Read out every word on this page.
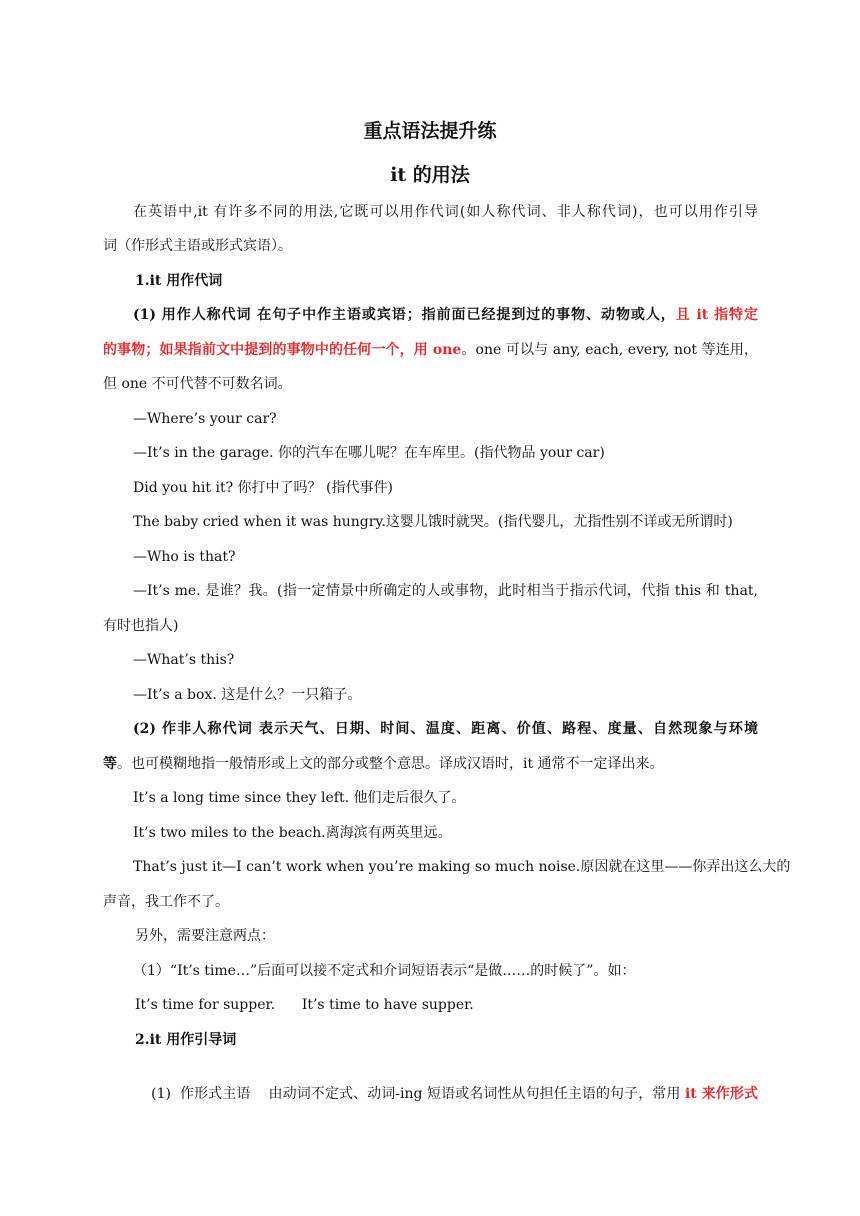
重点语法提升练
it 的用法
在英语中,it 有许多不同的用法,它既可以用作代词(如人称代词、非人称代词)，也可以用作引导
词（作形式主语或形式宾语）。
1.it 用作代词
(1) 用作人称代词 在句子中作主语或宾语；指前面已经提到过的事物、动物或人，且 it 指特定
的事物；如果指前文中提到的事物中的任何一个，用 one。one 可以与 any, each, every, not 等连用，
但 one 不可代替不可数名词。
—Where’s your car?
—It’s in the garage. 你的汽车在哪儿呢？在车库里。(指代物品 your car)
Did you hit it? 你打中了吗？ (指代事件)
The baby cried when it was hungry.这婴儿饿时就哭。(指代婴儿，尤指性别不详或无所谓时)
—Who is that?
—It’s me. 是谁？我。(指一定情景中所确定的人或事物，此时相当于指示代词，代指 this 和 that,
有时也指人)
—What’s this?
—It’s a box. 这是什么？一只箱子。
(2) 作非人称代词 表示天气、日期、时间、温度、距离、价值、路程、度量、自然现象与环境
等。也可模糊地指一般情形或上文的部分或整个意思。译成汉语时，it 通常不一定译出来。
It’s a long time since they left. 他们走后很久了。
It’s two miles to the beach.离海滨有两英里远。
That’s just it—I can’t work when you’re making so much noise.原因就在这里——你弄出这么大的
声音，我工作不了。
另外，需要注意两点：
（1）“It’s time…”后面可以接不定式和介词短语表示“是做……的时候了”。如：
It’s time for supper.      It’s time to have supper.
2.it 用作引导词

(1)  作形式主语    由动词不定式、动词-ing 短语或名词性从句担任主语的句子，常用 it 来作形式
